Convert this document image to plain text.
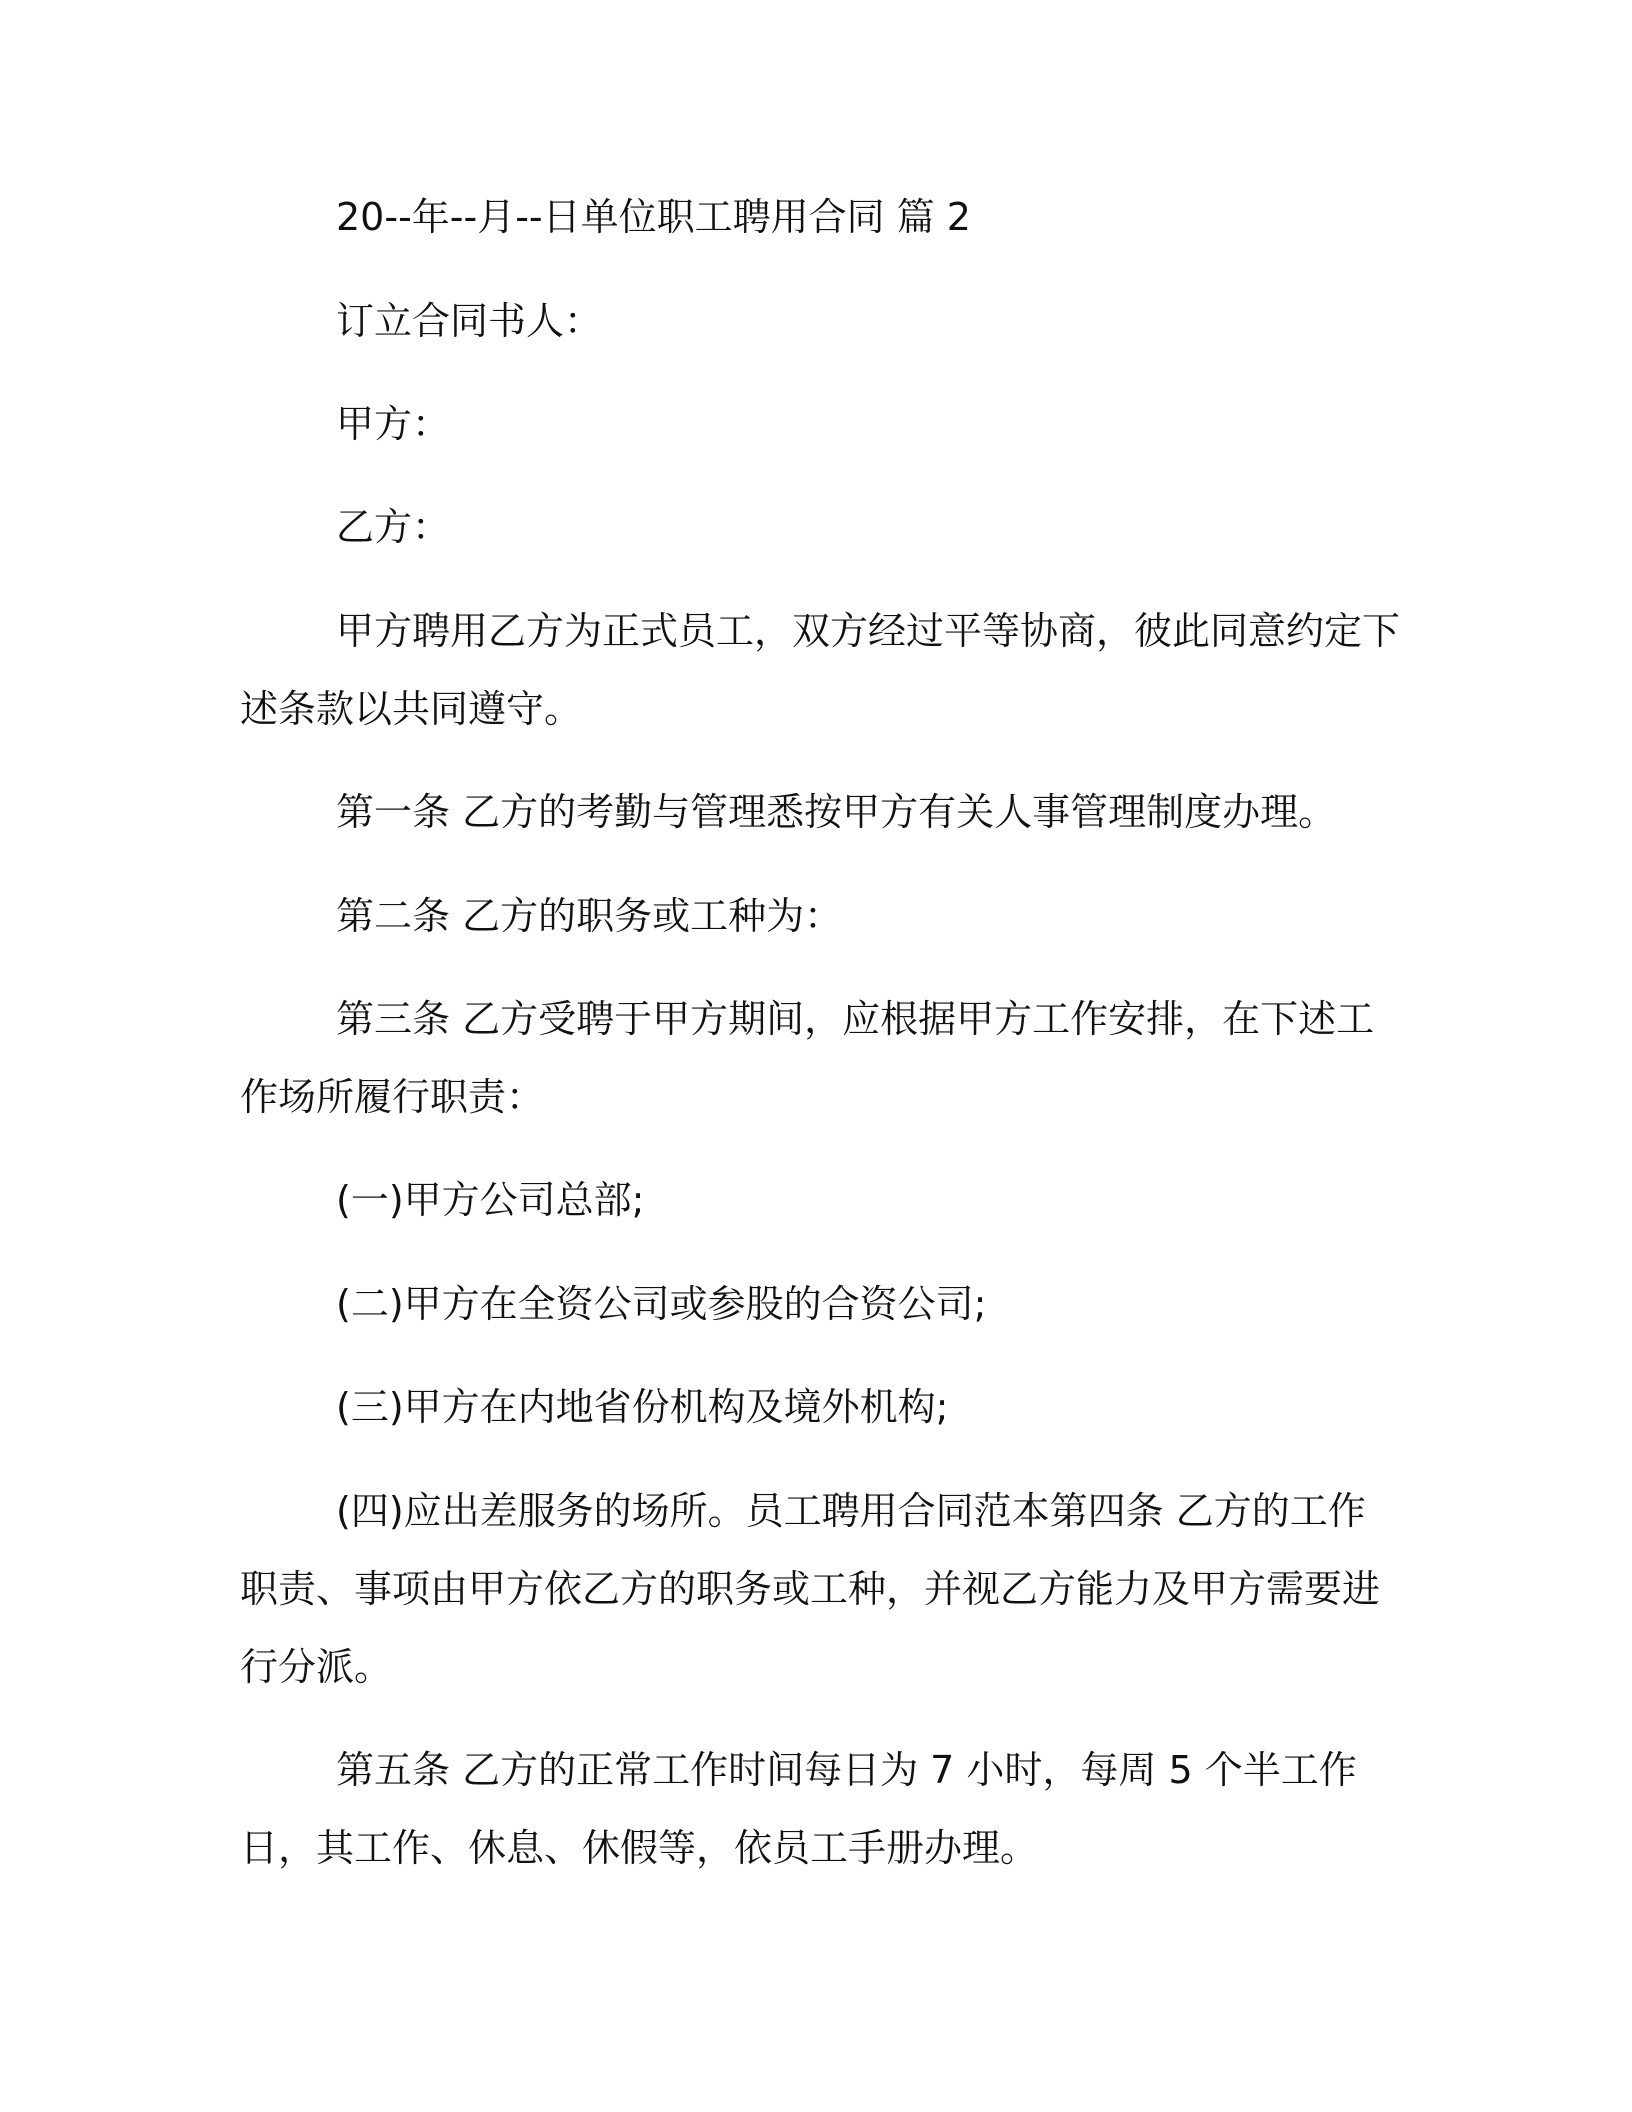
20--年--月--日单位职工聘用合同 篇 2

订立合同书人：

甲方：

乙方：

甲方聘用乙方为正式员工，双方经过平等协商，彼此同意约定下述条款以共同遵守。

第一条 乙方的考勤与管理悉按甲方有关人事管理制度办理。

第二条 乙方的职务或工种为：

第三条 乙方受聘于甲方期间，应根据甲方工作安排，在下述工作场所履行职责：

(一)甲方公司总部;

(二)甲方在全资公司或参股的合资公司;

(三)甲方在内地省份机构及境外机构;

(四)应出差服务的场所。员工聘用合同范本第四条 乙方的工作职责、事项由甲方依乙方的职务或工种，并视乙方能力及甲方需要进行分派。

第五条 乙方的正常工作时间每日为 7 小时，每周 5 个半工作日，其工作、休息、休假等，依员工手册办理。
